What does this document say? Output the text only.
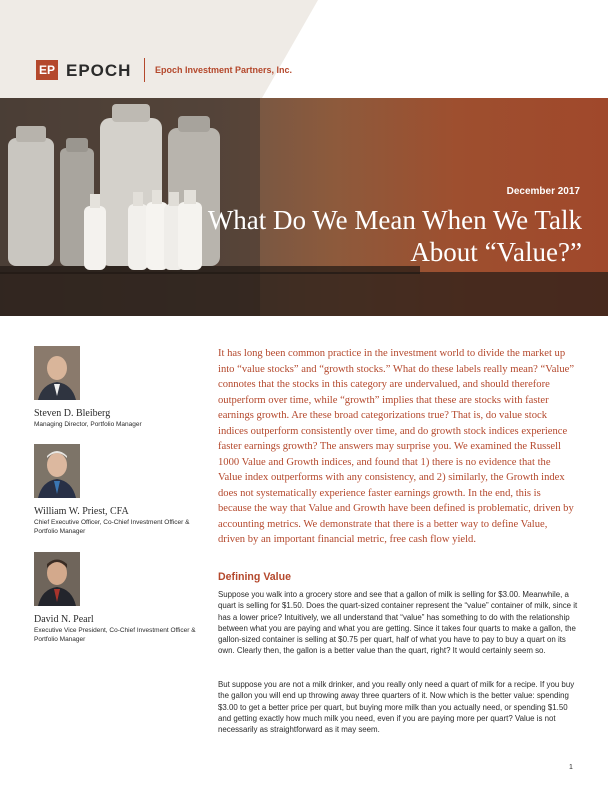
EP EPOCH	Epoch Investment Partners, Inc.
December 2017
What Do We Mean When We Talk About “Value?”
Steven D. Bleiberg
Managing Director, Portfolio Manager
William W. Priest, CFA
Chief Executive Officer, Co-Chief Investment Officer & Portfolio Manager
David N. Pearl
Executive Vice President, Co-Chief Investment Officer & Portfolio Manager

It has long been common practice in the investment world to divide the market up into “value stocks” and “growth stocks.” What do these labels really mean? “Value” connotes that the stocks in this category are undervalued, and should therefore outperform over time, while “growth” implies that these are stocks with faster earnings growth. Are these broad categorizations true? That is, do value stock indices outperform consistently over time, and do growth stock indices experience faster earnings growth? The answers may surprise you. We examined the Russell 1000 Value and Growth indices, and found that 1) there is no evidence that the Value index outperforms with any consistency, and 2) similarly, the Growth index does not systematically experience faster earnings growth. In the end, this is because the way that Value and Growth have been defined is problematic, driven by accounting metrics. We demonstrate that there is a better way to define Value, driven by an important financial metric, free cash flow yield.

Defining Value

Suppose you walk into a grocery store and see that a gallon of milk is selling for $3.00. Meanwhile, a quart is selling for $1.50. Does the quart-sized container represent the “value” container of milk, since it has a lower price? Intuitively, we all understand that “value” has something to do with the relationship between what you are paying and what you are getting. Since it takes four quarts to make a gallon, the gallon-sized container is selling at $0.75 per quart, half of what you have to pay to buy a quart on its own. Clearly then, the gallon is a better value than the quart, right? It would certainly seem so.

But suppose you are not a milk drinker, and you really only need a quart of milk for a recipe. If you buy the gallon you will end up throwing away three quarters of it. Now which is the better value: spending $3.00 to get a better price per quart, but buying more milk than you actually need, or spending $1.50 and getting exactly how much milk you need, even if you are paying more per quart? Value is not necessarily as straightforward as it may seem.

1
